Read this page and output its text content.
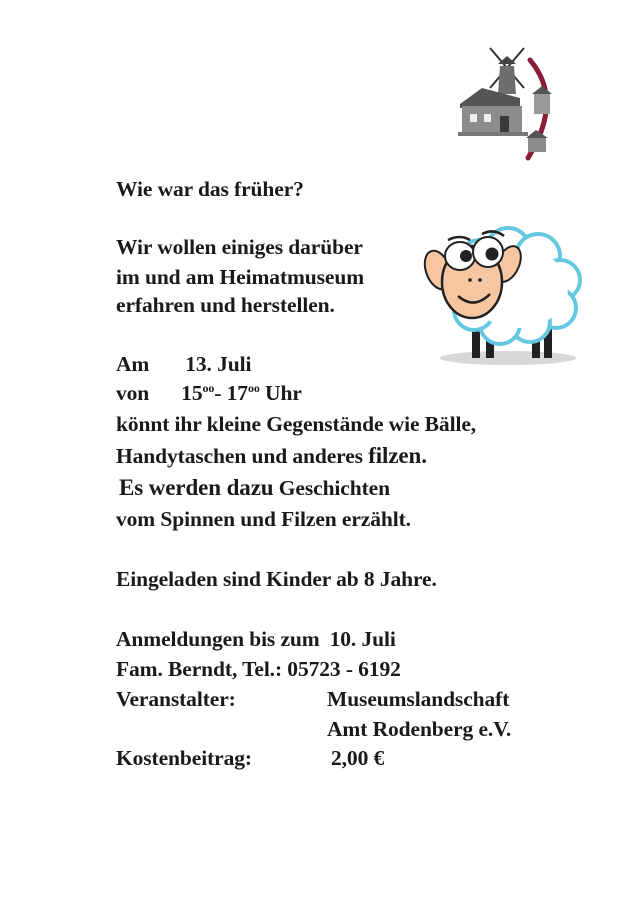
Wie war das früher?

Wir wollen einiges darüber

im und am Heimatmuseum

erfahren und herstellen.

Am 13. Juli

von $15^{oo}-$ $17^{oo}$ Uhr

könnt ihr kleine Gegenstände wie Bälle,

Handytaschen und anderes filzen.

Es werden dazu Geschichten

vom Spinnen und Filzen erzählt.

Eingeladen sind Kinder ab 8 Jahre.

Anmeldungen bis zum 10. Juli

Fam. Berndt, Tel.: 05723 - 6192

Veranstalter:	Museumslandschaft

Amt Rodenberg e.V.

Kostenbeitrag:	2,00 €
